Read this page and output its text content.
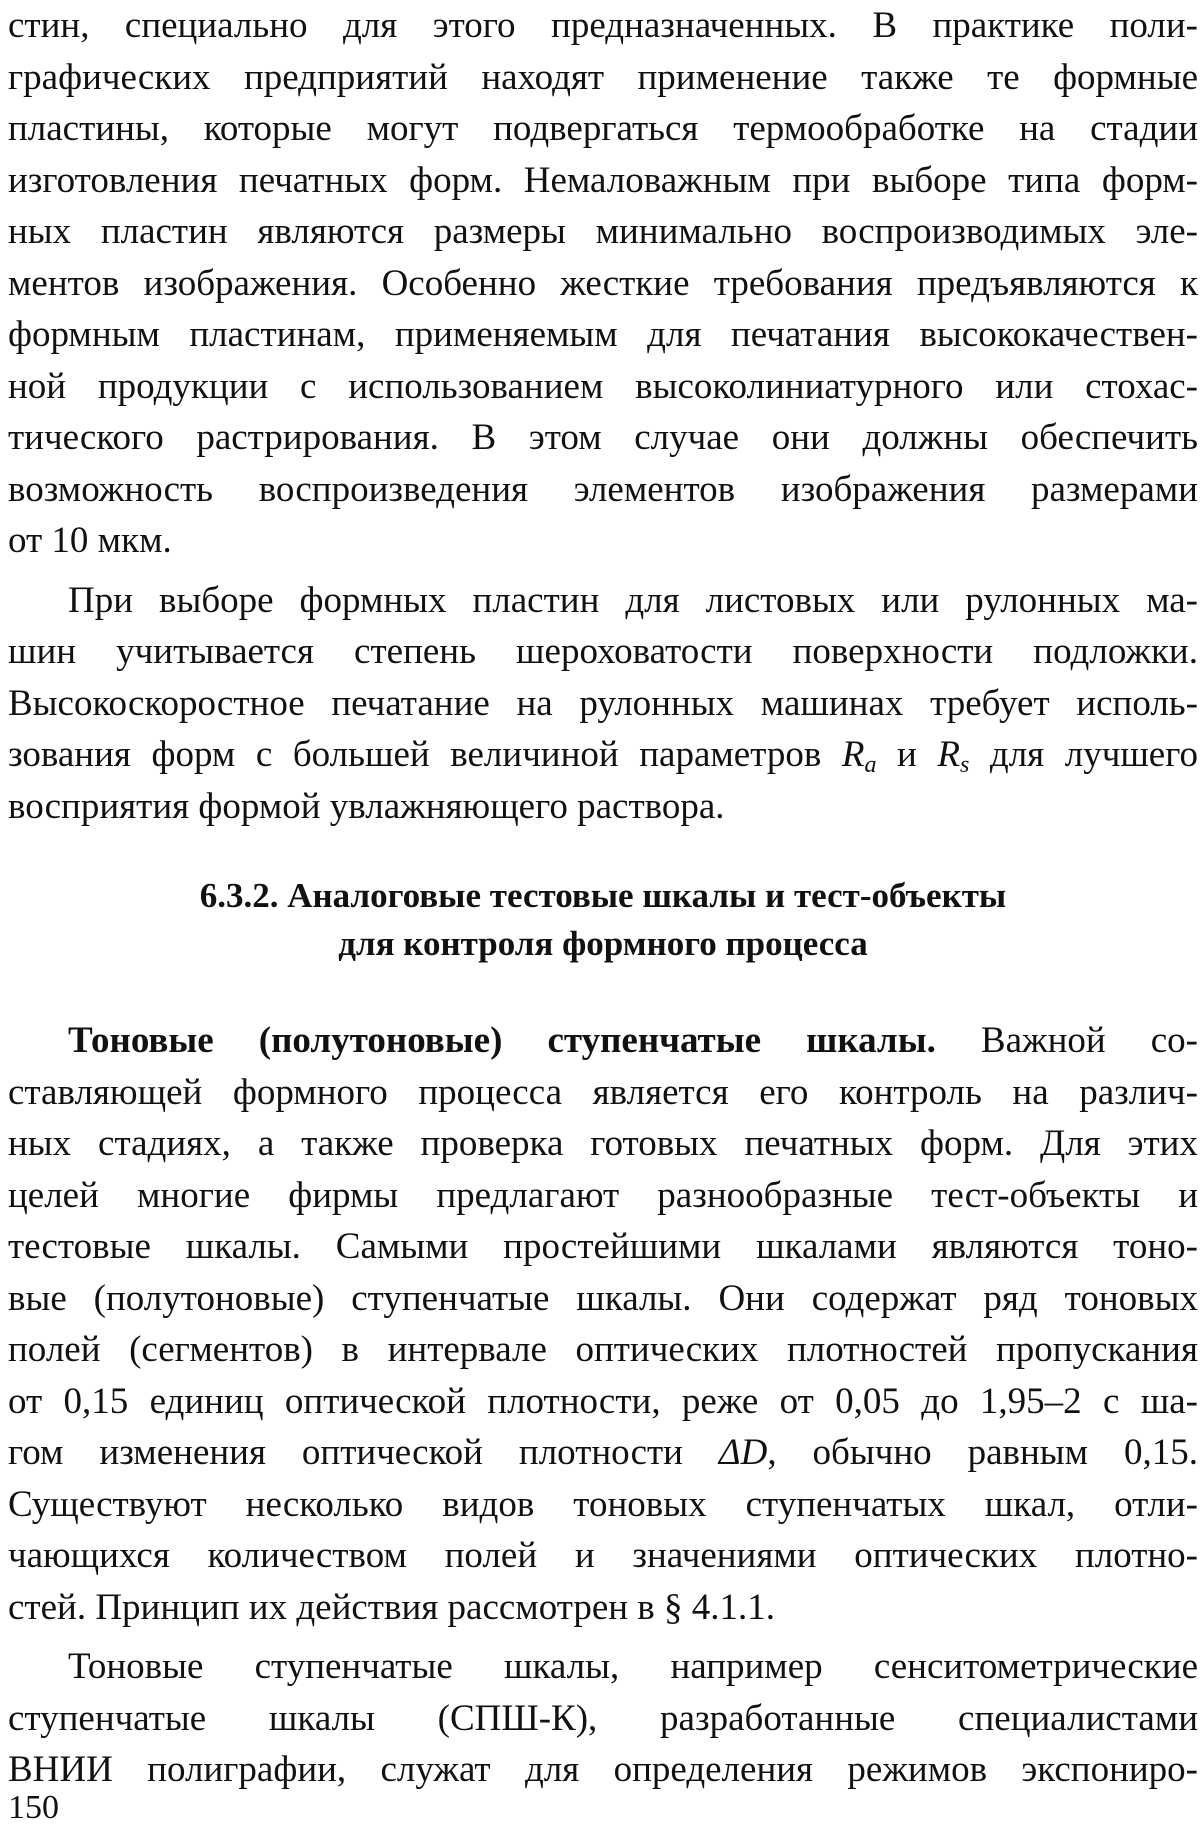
стин, специально для этого предназначенных. В практике поли-
графических предприятий находят применение также те формные
пластины, которые могут подвергаться термообработке на стадии
изготовления печатных форм. Немаловажным при выборе типа форм-
ных пластин являются размеры минимально воспроизводимых эле-
ментов изображения. Особенно жесткие требования предъявляются к
формным пластинам, применяемым для печатания высококачествен-
ной продукции с использованием высоколиниатурного или стохас-
тического растрирования. В этом случае они должны обеспечить
возможность воспроизведения элементов изображения размерами
от 10 мкм.
При выборе формных пластин для листовых или рулонных ма-
шин учитывается степень шероховатости поверхности подложки.
Высокоскоростное печатание на рулонных машинах требует исполь-
зования форм с большей величиной параметров $R_a$ и $R_s$ для лучшего
восприятия формой увлажняющего раствора.
6.3.2. Аналоговые тестовые шкалы и тест-объекты
для контроля формного процесса
Тоновые (полутоновые) ступенчатые шкалы. Важной со-
ставляющей формного процесса является его контроль на различ-
ных стадиях, а также проверка готовых печатных форм. Для этих
целей многие фирмы предлагают разнообразные тест-объекты и
тестовые шкалы. Самыми простейшими шкалами являются тоно-
вые (полутоновые) ступенчатые шкалы. Они содержат ряд тоновых
полей (сегментов) в интервале оптических плотностей пропускания
от 0,15 единиц оптической плотности, реже от 0,05 до 1,95–2 с ша-
гом изменения оптической плотности ΔD, обычно равным 0,15.
Существуют несколько видов тоновых ступенчатых шкал, отли-
чающихся количеством полей и значениями оптических плотно-
стей. Принцип их действия рассмотрен в § 4.1.1.
Тоновые ступенчатые шкалы, например сенситометрические
ступенчатые шкалы (СПШ-К), разработанные специалистами
ВНИИ полиграфии, служат для определения режимов экспониро-
150
